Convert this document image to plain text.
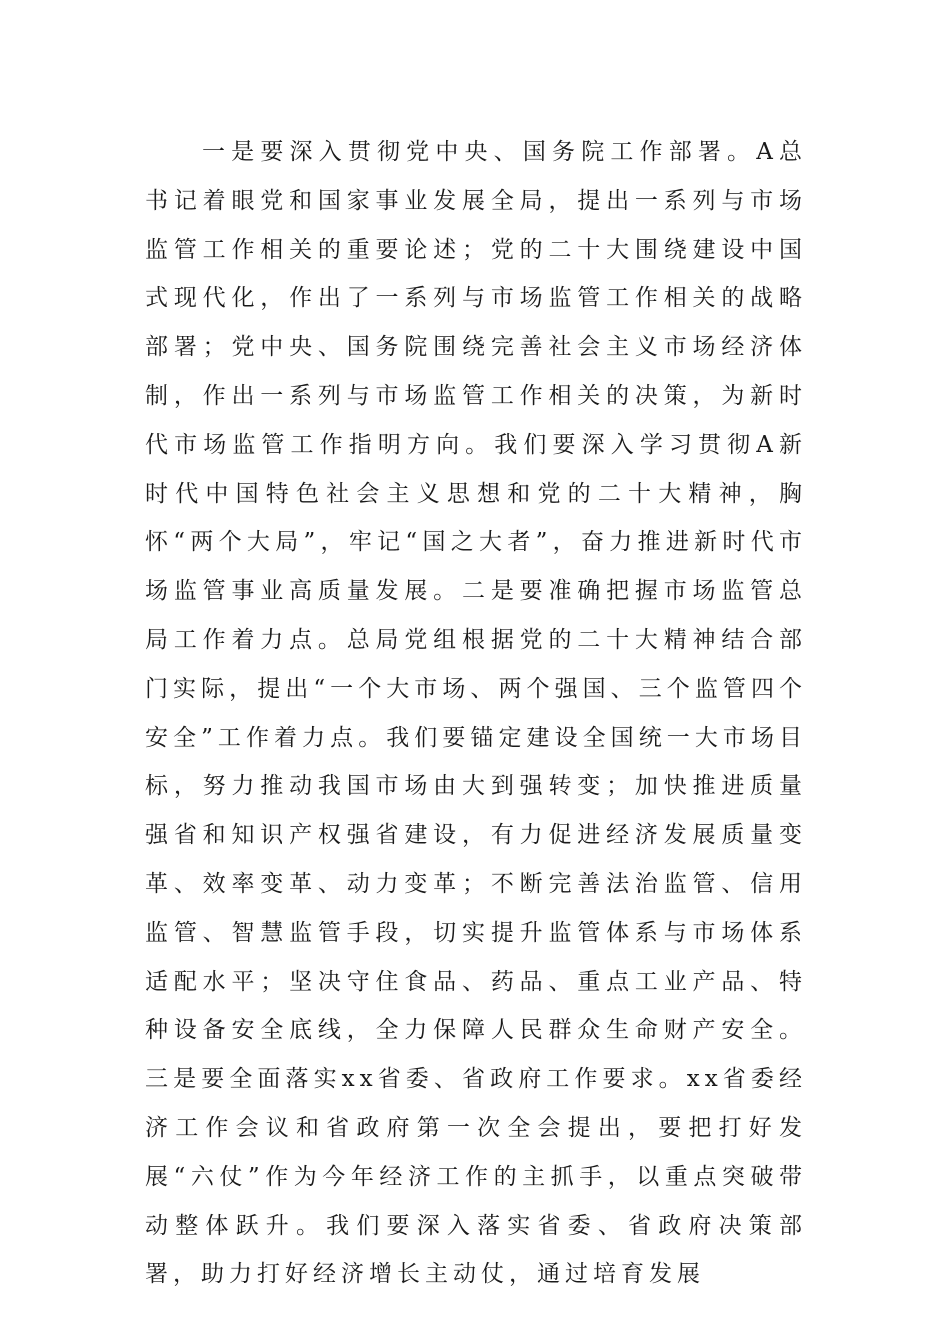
一是要深入贯彻党中央、国务院工作部署。A总书记着眼党和国家事业发展全局，提出一系列与市场监管工作相关的重要论述；党的二十大围绕建设中国式现代化，作出了一系列与市场监管工作相关的战略部署；党中央、国务院围绕完善社会主义市场经济体制，作出一系列与市场监管工作相关的决策，为新时代市场监管工作指明方向。我们要深入学习贯彻A新时代中国特色社会主义思想和党的二十大精神，胸怀“两个大局”，牢记“国之大者”，奋力推进新时代市场监管事业高质量发展。二是要准确把握市场监管总局工作着力点。总局党组根据党的二十大精神结合部门实际，提出“一个大市场、两个强国、三个监管四个安全”工作着力点。我们要锚定建设全国统一大市场目标，努力推动我国市场由大到强转变；加快推进质量强省和知识产权强省建设，有力促进经济发展质量变革、效率变革、动力变革；不断完善法治监管、信用监管、智慧监管手段，切实提升监管体系与市场体系适配水平；坚决守住食品、药品、重点工业产品、特种设备安全底线，全力保障人民群众生命财产安全。三是要全面落实xx省委、省政府工作要求。xx省委经济工作会议和省政府第一次全会提出，要把打好发展“六仗”作为今年经济工作的主抓手，以重点突破带动整体跃升。我们要深入落实省委、省政府决策部署，助力打好经济增长主动仗，通过培育发展
